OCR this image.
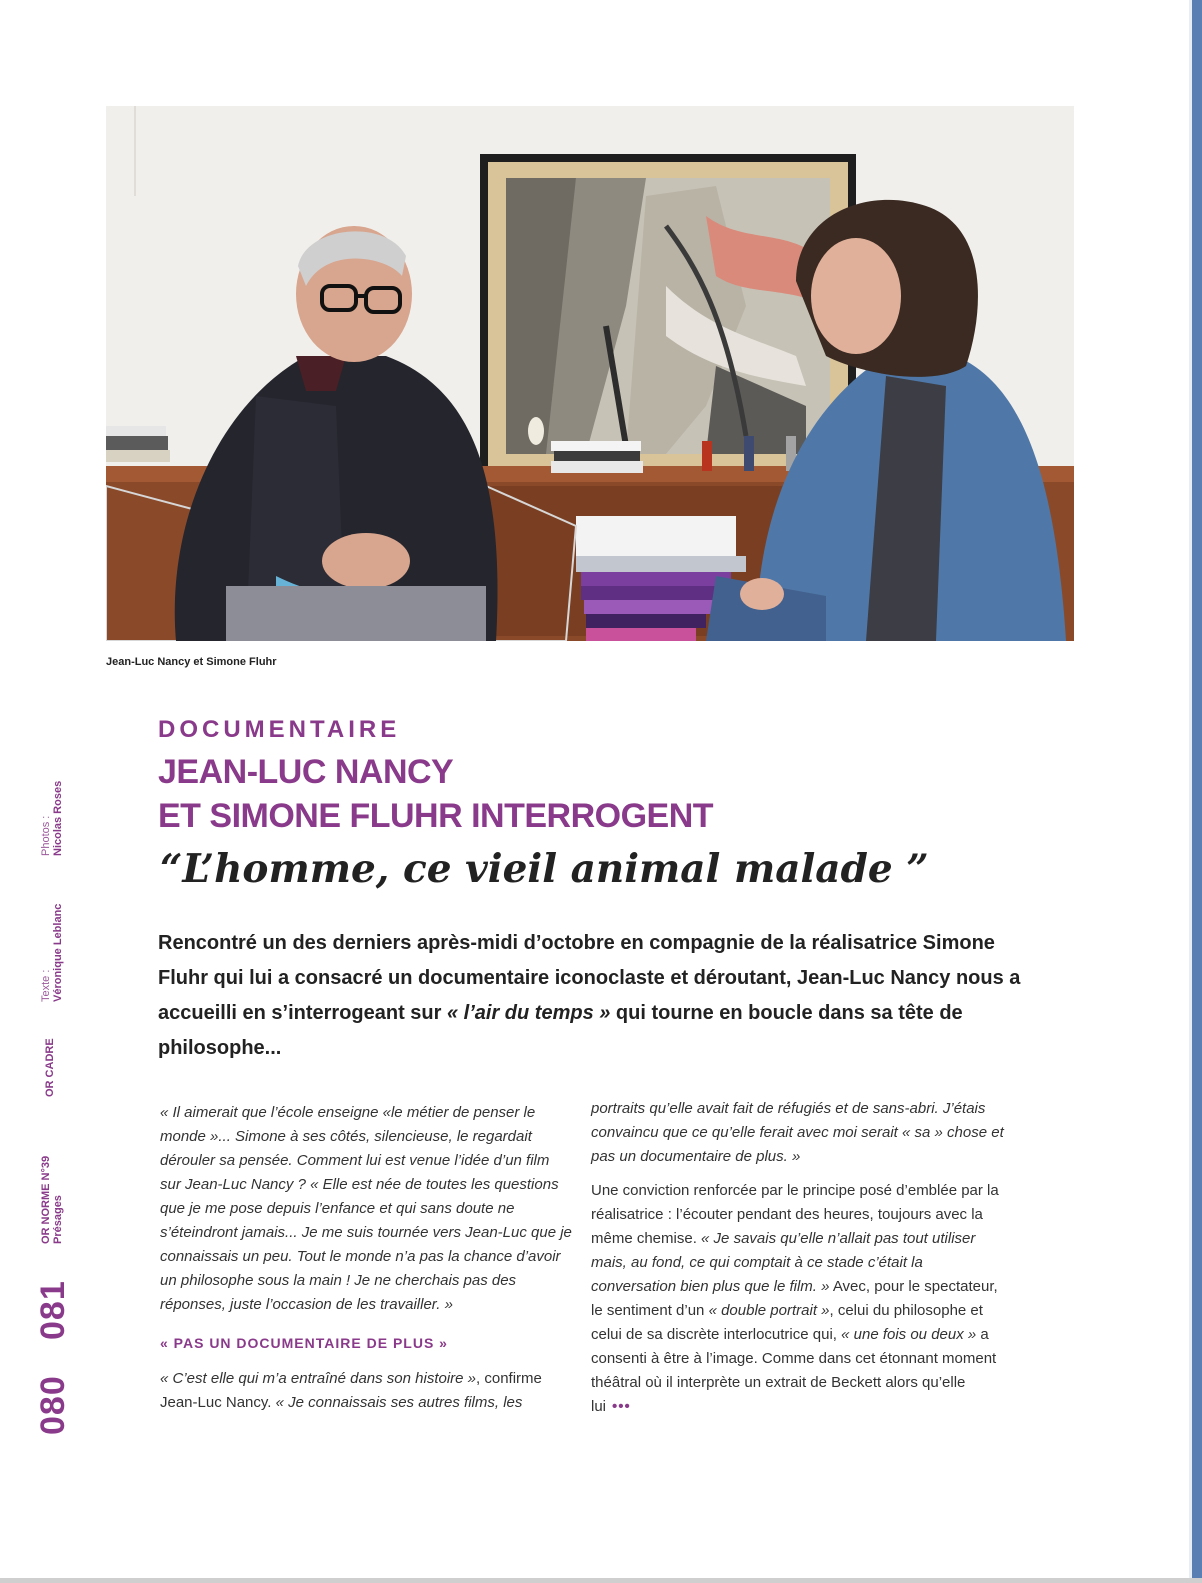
Jean-Luc Nancy et Simone Fluhr
Photos :
Nicolas Roses
Texte :
Véronique Leblanc
OR CADRE
OR NORME N°39
Présages
081
080
DOCUMENTAIRE
JEAN-LUC NANCY
ET SIMONE FLUHR INTERROGENT
“L’homme, ce vieil animal malade ”
Rencontré un des derniers après-midi d’octobre en compagnie de la réalisatrice Simone Fluhr qui lui a consacré un documentaire iconoclaste et déroutant, Jean-Luc Nancy nous a accueilli en s’interrogeant sur « l’air du temps » qui tourne en boucle dans sa tête de philosophe...

« Il aimerait que l’école enseigne «le métier de penser le monde »... Simone à ses côtés, silencieuse, le regardait dérouler sa pensée. Comment lui est venue l’idée d’un film sur Jean-Luc Nancy ? « Elle est née de toutes les questions que je me pose depuis l’enfance et qui sans doute ne s’éteindront jamais... Je me suis tournée vers Jean-Luc que je connaissais un peu. Tout le monde n’a pas la chance d’avoir un philosophe sous la main ! Je ne cherchais pas des réponses, juste l’occasion de les travailler. »

« PAS UN DOCUMENTAIRE DE PLUS »

« C’est elle qui m’a entraîné dans son histoire », confirme Jean-Luc Nancy. « Je connaissais ses autres films, les

portraits qu’elle avait fait de réfugiés et de sans-abri. J’étais convaincu que ce qu’elle ferait avec moi serait « sa » chose et pas un documentaire de plus. »

Une conviction renforcée par le principe posé d’emblée par la réalisatrice : l’écouter pendant des heures, toujours avec la même chemise. « Je savais qu’elle n’allait pas tout utiliser mais, au fond, ce qui comptait à ce stade c’était la conversation bien plus que le film. » Avec, pour le spectateur, le sentiment d’un « double portrait », celui du philosophe et celui de sa discrète interlocutrice qui, « une fois ou deux » a consenti à être à l’image. Comme dans cet étonnant moment théâtral où il interprète un extrait de Beckett alors qu’elle lui •••
